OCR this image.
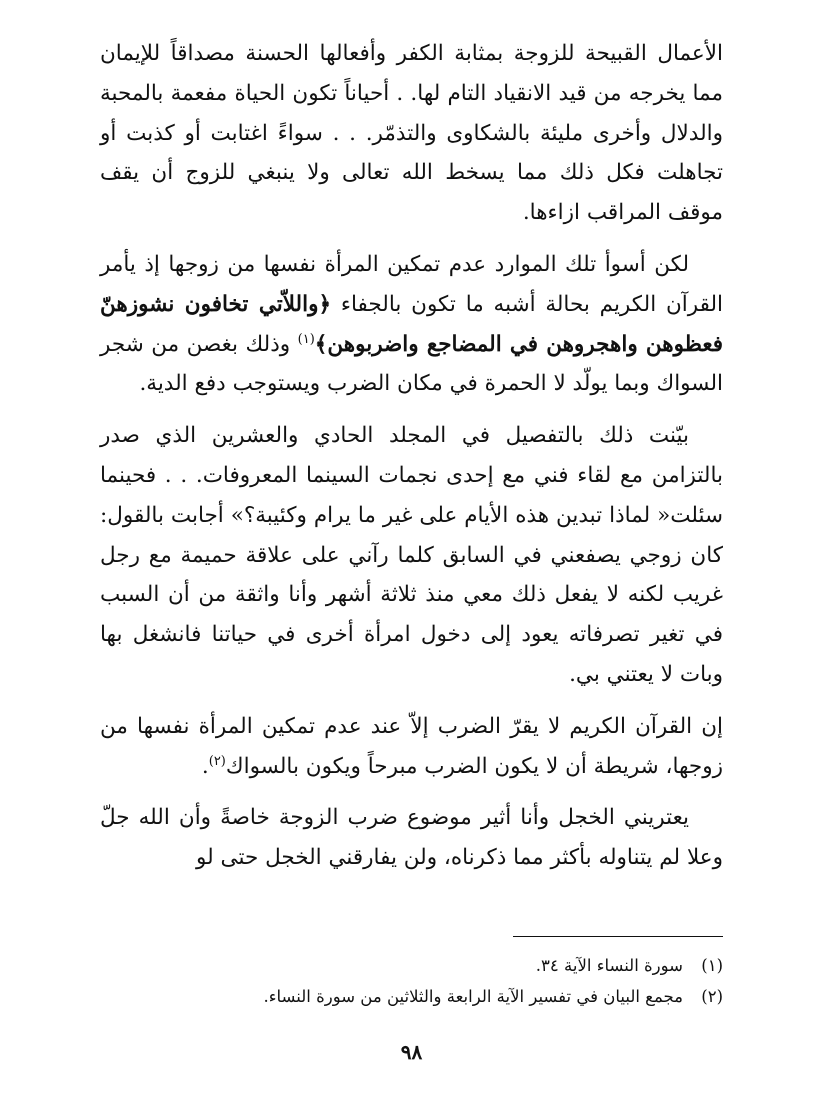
الأعمال القبيحة للزوجة بمثابة الكفر وأفعالها الحسنة مصداقاً للإيمان مما يخرجه من قيد الانقياد التام لها. . أحياناً تكون الحياة مفعمة بالمحبة والدلال وأخرى مليئة بالشكاوى والتذمّر. . . سواءً اغتابت أو كذبت أو تجاهلت فكل ذلك مما يسخط الله تعالى ولا ينبغي للزوج أن يقف موقف المراقب ازاءها.

لكن أسوأ تلك الموارد عدم تمكين المرأة نفسها من زوجها إذ يأمر القرآن الكريم بحالة أشبه ما تكون بالجفاء ﴿واللاّتي تخافون نشوزهنّ فعظوهن واهجروهن في المضاجع واضربوهن﴾$^{(١)}$ وذلك بغصن من شجر السواك وبما يولّد لا الحمرة في مكان الضرب ويستوجب دفع الدية.

بيّنت ذلك بالتفصيل في المجلد الحادي والعشرين الذي صدر بالتزامن مع لقاء فني مع إحدى نجمات السينما المعروفات. . . فحينما سئلت« لماذا تبدين هذه الأيام على غير ما يرام وكئيبة؟» أجابت بالقول: كان زوجي يصفعني في السابق كلما رآني على علاقة حميمة مع رجل غريب لكنه لا يفعل ذلك معي منذ ثلاثة أشهر وأنا واثقة من أن السبب في تغير تصرفاته يعود إلى دخول امرأة أخرى في حياتنا فانشغل بها وبات لا يعتني بي.

إن القرآن الكريم لا يقرّ الضرب إلاّ عند عدم تمكين المرأة نفسها من زوجها، شريطة أن لا يكون الضرب مبرحاً ويكون بالسواك$^{(٢)}$.

يعتريني الخجل وأنا أثير موضوع ضرب الزوجة خاصةً وأن الله جلّ وعلا لم يتناوله بأكثر مما ذكرناه، ولن يفارقني الخجل حتى لو

(١)
سورة النساء الآية ٣٤.
(٢)
مجمع البيان في تفسير الآية الرابعة والثلاثين من سورة النساء.
٩٨
